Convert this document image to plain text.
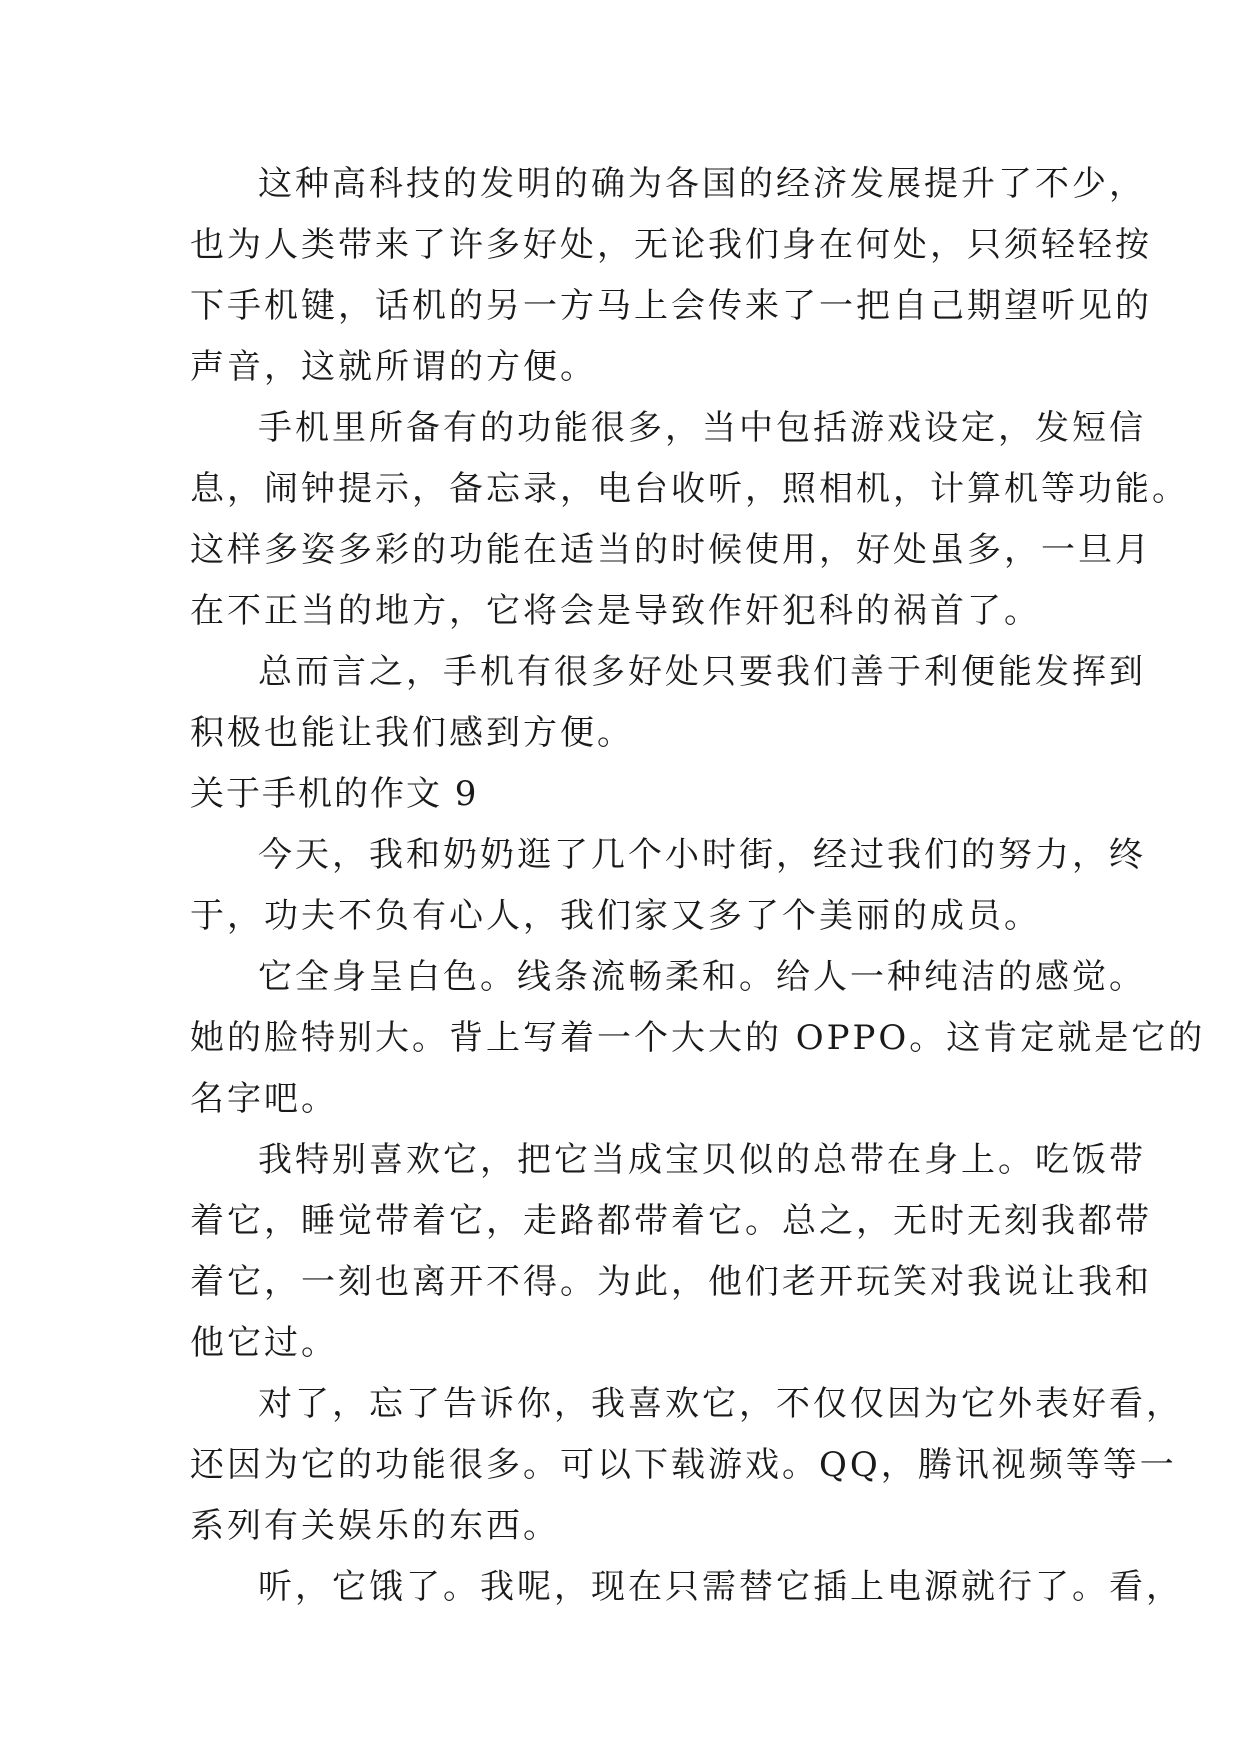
这种高科技的发明的确为各国的经济发展提升了不少，
也为人类带来了许多好处，无论我们身在何处，只须轻轻按
下手机键，话机的另一方马上会传来了一把自己期望听见的
声音，这就所谓的方便。
手机里所备有的功能很多，当中包括游戏设定，发短信
息，闹钟提示，备忘录，电台收听，照相机，计算机等功能。
这样多姿多彩的功能在适当的时候使用，好处虽多，一旦月
在不正当的地方，它将会是导致作奸犯科的祸首了。
总而言之，手机有很多好处只要我们善于利便能发挥到
积极也能让我们感到方便。
关于手机的作文 9
今天，我和奶奶逛了几个小时街，经过我们的努力，终
于，功夫不负有心人，我们家又多了个美丽的成员。
它全身呈白色。线条流畅柔和。给人一种纯洁的感觉。
她的脸特别大。背上写着一个大大的 OPPO。这肯定就是它的
名字吧。
我特别喜欢它，把它当成宝贝似的总带在身上。吃饭带
着它，睡觉带着它，走路都带着它。总之，无时无刻我都带
着它，一刻也离开不得。为此，他们老开玩笑对我说让我和
他它过。
对了，忘了告诉你，我喜欢它，不仅仅因为它外表好看，
还因为它的功能很多。可以下载游戏。QQ，腾讯视频等等一
系列有关娱乐的东西。
听，它饿了。我呢，现在只需替它插上电源就行了。看，
